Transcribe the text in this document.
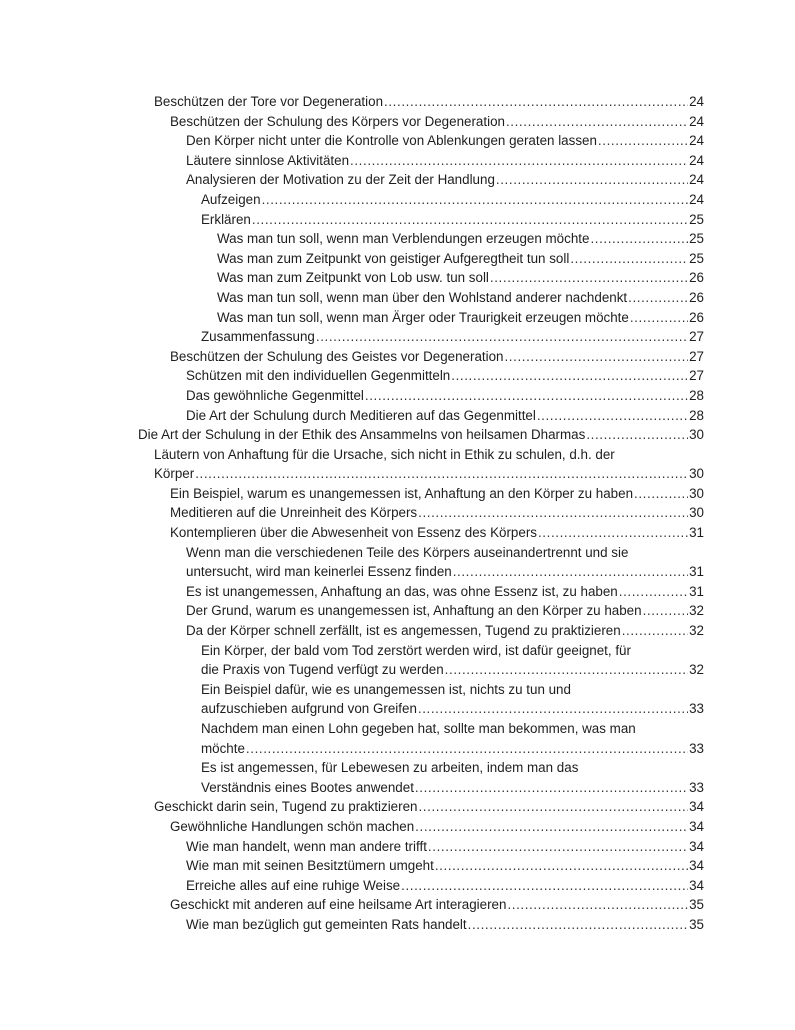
Beschützen der Tore vor Degeneration .....	24
Beschützen der Schulung des Körpers vor Degeneration .....	24
Den Körper nicht unter die Kontrolle von Ablenkungen geraten lassen .....	24
Läutere sinnlose Aktivitäten .....	24
Analysieren der Motivation zu der Zeit der Handlung .....	24
Aufzeigen .....	24
Erklären .....	25
Was man tun soll, wenn man Verblendungen erzeugen möchte .....	25
Was man zum Zeitpunkt von geistiger Aufgeregtheit tun soll .....	25
Was man zum Zeitpunkt von Lob usw. tun soll .....	26
Was man tun soll, wenn man über den Wohlstand anderer nachdenkt .....	26
Was man tun soll, wenn man Ärger oder Traurigkeit erzeugen möchte .....	26
Zusammenfassung .....	27
Beschützen der Schulung des Geistes vor Degeneration .....	27
Schützen mit den individuellen Gegenmitteln .....	27
Das gewöhnliche Gegenmittel .....	28
Die Art der Schulung durch Meditieren auf das Gegenmittel .....	28
Die Art der Schulung in der Ethik des Ansammelns von heilsamen Dharmas .....	30
Läutern von Anhaftung für die Ursache, sich nicht in Ethik zu schulen, d.h. der
Körper .....	30
Ein Beispiel, warum es unangemessen ist, Anhaftung an den Körper zu haben .....	30
Meditieren auf die Unreinheit des Körpers .....	30
Kontemplieren über die Abwesenheit von Essenz des Körpers .....	31
Wenn man die verschiedenen Teile des Körpers auseinandertrennt und sie
untersucht, wird man keinerlei Essenz finden .....	31
Es ist unangemessen, Anhaftung an das, was ohne Essenz ist, zu haben .....	31
Der Grund, warum es unangemessen ist, Anhaftung an den Körper zu haben .....	32
Da der Körper schnell zerfällt, ist es angemessen, Tugend zu praktizieren .....	32
Ein Körper, der bald vom Tod zerstört werden wird, ist dafür geeignet, für
die Praxis von Tugend verfügt zu werden .....	32
Ein Beispiel dafür, wie es unangemessen ist, nichts zu tun und
aufzuschieben aufgrund von Greifen .....	33
Nachdem man einen Lohn gegeben hat, sollte man bekommen, was man
möchte .....	33
Es ist angemessen, für Lebewesen zu arbeiten, indem man das
Verständnis eines Bootes anwendet .....	33
Geschickt darin sein, Tugend zu praktizieren .....	34
Gewöhnliche Handlungen schön machen .....	34
Wie man handelt, wenn man andere trifft .....	34
Wie man mit seinen Besitztümern umgeht .....	34
Erreiche alles auf eine ruhige Weise .....	34
Geschickt mit anderen auf eine heilsame Art interagieren .....	35
Wie man bezüglich gut gemeinten Rats handelt .....	35
